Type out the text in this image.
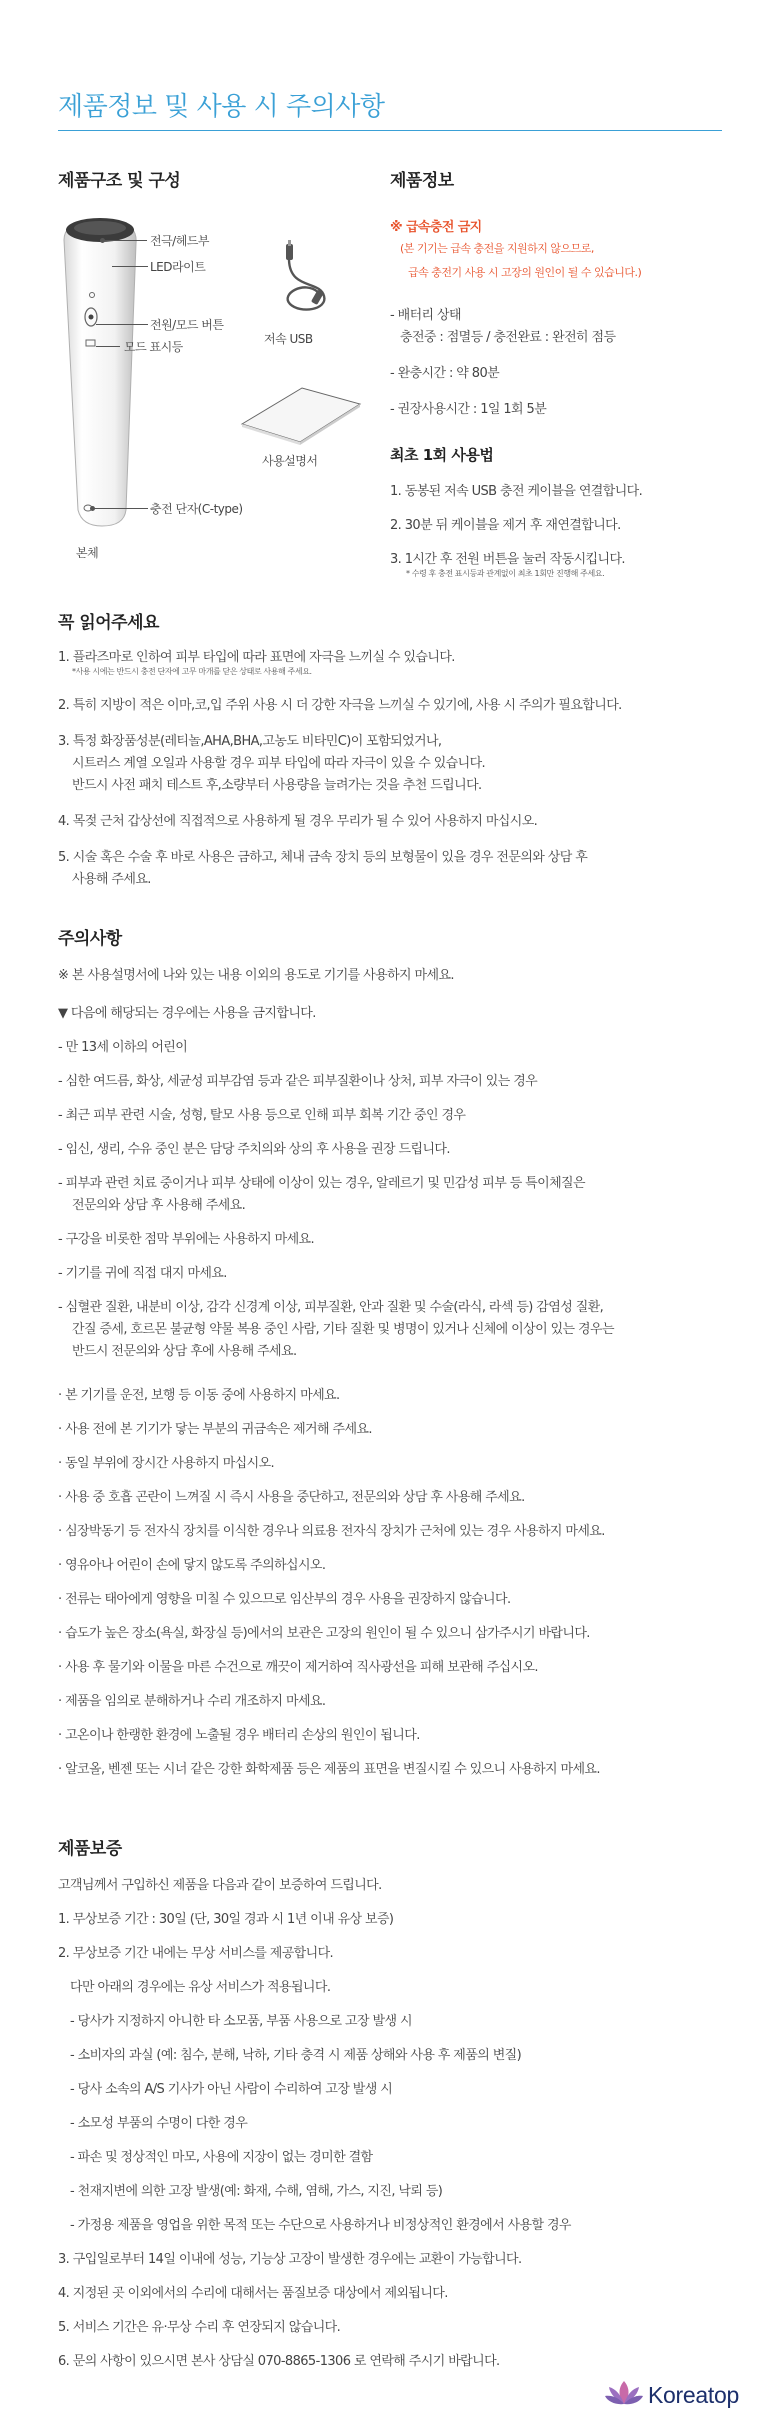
제품정보 및 사용 시 주의사항
제품구조 및 구성
전극/헤드부
LED라이트
전원/모드 버튼
모드 표시등
충전 단자(C-type)
본체
저속 USB
사용설명서
제품정보
※ 급속충전 금지
(본 기기는 급속 충전을 지원하지 않으므로,
급속 충전기 사용 시 고장의 원인이 될 수 있습니다.)
- 배터리 상태
충전중 : 점멸등 / 충전완료 : 완전히 점등
- 완충시간 : 약 80분
- 권장사용시간 : 1일 1회 5분
최초 1회 사용법
1. 동봉된 저속 USB 충전 케이블을 연결합니다.
2. 30분 뒤 케이블을 제거 후 재연결합니다.
3. 1시간 후 전원 버튼을 눌러 작동시킵니다.
* 수령 후 충전 표시등과 관계없이 최초 1회만 진행해 주세요.
꼭 읽어주세요
1. 플라즈마로 인하여 피부 타입에 따라 표면에 자극을 느끼실 수 있습니다.
*사용 시에는 반드시 충전 단자에 고무 마개를 닫은 상태로 사용해 주세요.
2. 특히 지방이 적은 이마,코,입 주위 사용 시 더 강한 자극을 느끼실 수 있기에, 사용 시 주의가 필요합니다.
3. 특정 화장품성분(레티놀,AHA,BHA,고농도 비타민C)이 포함되었거나,
시트러스 계열 오일과 사용할 경우 피부 타입에 따라 자극이 있을 수 있습니다.
반드시 사전 패치 테스트 후,소량부터 사용량을 늘려가는 것을 추천 드립니다.
4. 목젖 근처 갑상선에 직접적으로 사용하게 될 경우 무리가 될 수 있어 사용하지 마십시오.
5. 시술 혹은 수술 후 바로 사용은 금하고, 체내 금속 장치 등의 보형물이 있을 경우 전문의와 상담 후
사용해 주세요.
주의사항
※ 본 사용설명서에 나와 있는 내용 이외의 용도로 기기를 사용하지 마세요.
▼ 다음에 해당되는 경우에는 사용을 금지합니다.
- 만 13세 이하의 어린이
- 심한 여드름, 화상, 세균성 피부감염 등과 같은 피부질환이나 상처, 피부 자극이 있는 경우
- 최근 피부 관련 시술, 성형, 탈모 사용 등으로 인해 피부 회복 기간 중인 경우
- 임신, 생리, 수유 중인 분은 담당 주치의와 상의 후 사용을 권장 드립니다.
- 피부과 관련 치료 중이거나 피부 상태에 이상이 있는 경우, 알레르기 및 민감성 피부 등 특이체질은
전문의와 상담 후 사용해 주세요.
- 구강을 비롯한 점막 부위에는 사용하지 마세요.
- 기기를 귀에 직접 대지 마세요.
- 심혈관 질환, 내분비 이상, 감각 신경계 이상, 피부질환, 안과 질환 및 수술(라식, 라섹 등) 감염성 질환,
간질 증세, 호르몬 불균형 약물 복용 중인 사람, 기타 질환 및 병명이 있거나 신체에 이상이 있는 경우는
반드시 전문의와 상담 후에 사용해 주세요.
· 본 기기를 운전, 보행 등 이동 중에 사용하지 마세요.
· 사용 전에 본 기기가 닿는 부분의 귀금속은 제거해 주세요.
· 동일 부위에 장시간 사용하지 마십시오.
· 사용 중 호흡 곤란이 느껴질 시 즉시 사용을 중단하고, 전문의와 상담 후 사용해 주세요.
· 심장박동기 등 전자식 장치를 이식한 경우나 의료용 전자식 장치가 근처에 있는 경우 사용하지 마세요.
· 영유아나 어린이 손에 닿지 않도록 주의하십시오.
· 전류는 태아에게 영향을 미칠 수 있으므로 임산부의 경우 사용을 권장하지 않습니다.
· 습도가 높은 장소(욕실, 화장실 등)에서의 보관은 고장의 원인이 될 수 있으니 삼가주시기 바랍니다.
· 사용 후 물기와 이물을 마른 수건으로 깨끗이 제거하여 직사광선을 피해 보관해 주십시오.
· 제품을 임의로 분해하거나 수리 개조하지 마세요.
· 고온이나 한랭한 환경에 노출될 경우 배터리 손상의 원인이 됩니다.
· 알코올, 벤젠 또는 시너 같은 강한 화학제품 등은 제품의 표면을 변질시킬 수 있으니 사용하지 마세요.
제품보증
고객님께서 구입하신 제품을 다음과 같이 보증하여 드립니다.
1. 무상보증 기간 : 30일 (단, 30일 경과 시 1년 이내 유상 보증)
2. 무상보증 기간 내에는 무상 서비스를 제공합니다.
다만 아래의 경우에는 유상 서비스가 적용됩니다.
- 당사가 지정하지 아니한 타 소모품, 부품 사용으로 고장 발생 시
- 소비자의 과실 (예: 침수, 분해, 낙하, 기타 충격 시 제품 상해와 사용 후 제품의 변질)
- 당사 소속의 A/S 기사가 아닌 사람이 수리하여 고장 발생 시
- 소모성 부품의 수명이 다한 경우
- 파손 및 정상적인 마모, 사용에 지장이 없는 경미한 결함
- 천재지변에 의한 고장 발생(예: 화재, 수해, 염해, 가스, 지진, 낙뢰 등)
- 가정용 제품을 영업을 위한 목적 또는 수단으로 사용하거나 비정상적인 환경에서 사용할 경우
3. 구입일로부터 14일 이내에 성능, 기능상 고장이 발생한 경우에는 교환이 가능합니다.
4. 지정된 곳 이외에서의 수리에 대해서는 품질보증 대상에서 제외됩니다.
5. 서비스 기간은 유·무상 수리 후 연장되지 않습니다.
6. 문의 사항이 있으시면 본사 상담실 070-8865-1306 로 연락해 주시기 바랍니다.
Koreatop
